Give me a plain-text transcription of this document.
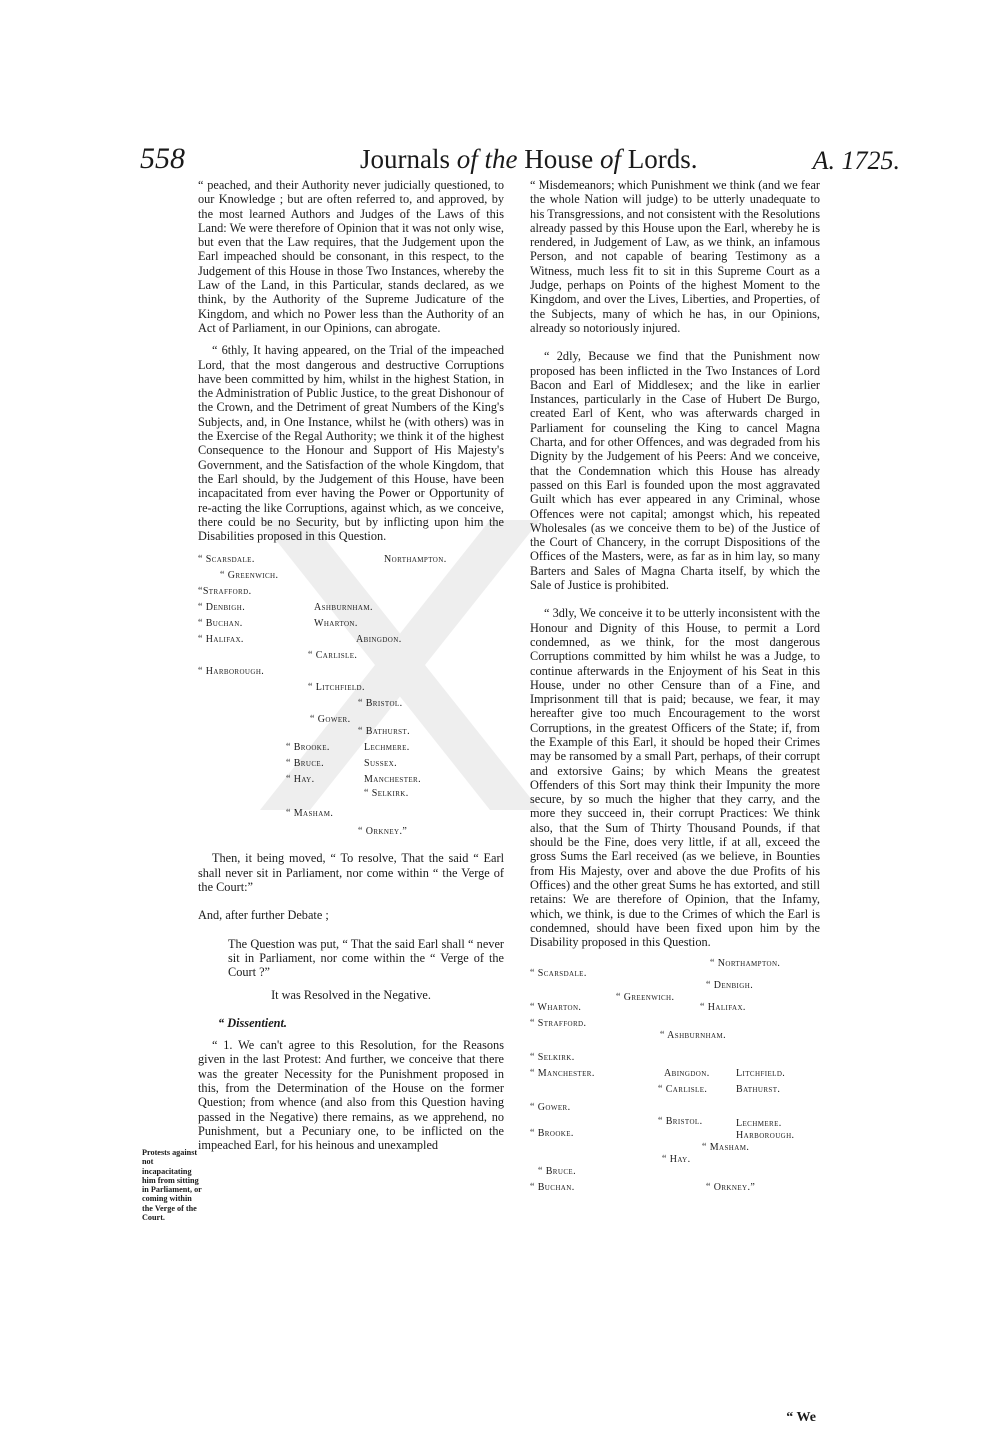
558	Journals of the House of Lords.	A. 1725.

“ peached, and their Authority never judicially questioned, to our Knowledge ; but are often referred to, and approved, by the most learned Authors and Judges of the Laws of this Land: We were therefore of Opinion that it was not only wise, but even that the Law requires, that the Judgement upon the Earl impeached should be consonant, in this respect, to the Judgement of this House in those Two Instances, whereby the Law of the Land, in this Particular, stands declared, as we think, by the Authority of the Supreme Judicature of the Kingdom, and which no Power less than the Authority of an Act of Parliament, in our Opinions, can abrogate.

“ 6thly, It having appeared, on the Trial of the impeached Lord, that the most dangerous and destructive Corruptions have been committed by him, whilst in the highest Station, in the Administration of Public Justice, to the great Dishonour of the Crown, and the Detriment of great Numbers of the King's Subjects, and, in One Instance, whilst he (with others) was in the Exercise of the Regal Authority; we think it of the highest Consequence to the Honour and Support of His Majesty's Government, and the Satisfaction of the whole Kingdom, that the Earl should, by the Judgement of this House, have been incapacitated from ever having the Power or Opportunity of re-acting the like Corruptions, against which, as we conceive, there could be no Security, but by inflicting upon him the Disabilities proposed in this Question.

“ Scarsdale.	Northampton.
“ Greenwich.
“Strafford.
“ Denbigh.	Ashburnham.
“ Buchan.	Wharton.
“ Halifax.	Abingdon.
“ Carlisle.
“ Harborough.
“ Litchfield.
“ Bristol.
“ Gower.
“ Bathurst.
“ Brooke.	Lechmere.
“ Bruce.	Sussex.
“ Hay.	Manchester.
“ Selkirk.
“ Masham.
“ Orkney.”

Then, it being moved, “ To resolve, That the said “ Earl shall never sit in Parliament, nor come within “ the Verge of the Court:”

And, after further Debate ;

The Question was put, “ That the said Earl shall “ never sit in Parliament, nor come within the “ Verge of the Court ?”

It was Resolved in the Negative.

“ Dissentient.

“ 1. We can't agree to this Resolution, for the Reasons given in the last Protest: And further, we conceive that there was the greater Necessity for the Punishment proposed in this, from the Determination of the House on the former Question; from whence (and also from this Question having passed in the Negative) there remains, as we apprehend, no Punishment, but a Pecuniary one, to be inflicted on the impeached Earl, for his heinous and unexampled

Protests against not incapacitating him from sitting in Parliament, or coming within the Verge of the Court.

“ Misdemeanors; which Punishment we think (and we fear the whole Nation will judge) to be utterly unadequate to his Transgressions, and not consistent with the Resolutions already passed by this House upon the Earl, whereby he is rendered, in Judgement of Law, as we think, an infamous Person, and not capable of bearing Testimony as a Witness, much less fit to sit in this Supreme Court as a Judge, perhaps on Points of the highest Moment to the Kingdom, and over the Lives, Liberties, and Properties, of the Subjects, many of which he has, in our Opinions, already so notoriously injured.

“ 2dly, Because we find that the Punishment now proposed has been inflicted in the Two Instances of Lord Bacon and Earl of Middlesex; and the like in earlier Instances, particularly in the Case of Hubert De Burgo, created Earl of Kent, who was afterwards charged in Parliament for counseling the King to cancel Magna Charta, and for other Offences, and was degraded from his Dignity by the Judgement of his Peers: And we conceive, that the Condemnation which this House has already passed on this Earl is founded upon the most aggravated Guilt which has ever appeared in any Criminal, whose Offences were not capital; amongst which, his repeated Wholesales (as we conceive them to be) of the Justice of the Court of Chancery, in the corrupt Dispositions of the Offices of the Masters, were, as far as in him lay, so many Barters and Sales of Magna Charta itself, by which the Sale of Justice is prohibited.

“ 3dly, We conceive it to be utterly inconsistent with the Honour and Dignity of this House, to permit a Lord condemned, as we think, for the most dangerous Corruptions committed by him whilst he was a Judge, to continue afterwards in the Enjoyment of his Seat in this House, under no other Censure than of a Fine, and Imprisonment till that is paid; because, we fear, it may hereafter give too much Encouragement to the worst Corruptions, in the greatest Officers of the State; if, from the Example of this Earl, it should be hoped their Crimes may be ransomed by a small Part, perhaps, of their corrupt and extorsive Gains; by which Means the greatest Offenders of this Sort may think their Impunity the more secure, by so much the higher that they carry, and the more they succeed in, their corrupt Practices: We think also, that the Sum of Thirty Thousand Pounds, if that should be the Fine, does very little, if at all, exceed the gross Sums the Earl received (as we believe, in Bounties from His Majesty, over and above the due Profits of his Offices) and the other great Sums he has extorted, and still retains: We are therefore of Opinion, that the Infamy, which, we think, is due to the Crimes of which the Earl is condemned, should have been fixed upon him by the Disability proposed in this Question.

“ Northampton.
“ Scarsdale.
“ Denbigh.
“ Greenwich.
“ Wharton.	“ Halifax.
“ Strafford.
“ Ashburnham.
“ Selkirk.
“ Manchester.	Abingdon.	Litchfield.
“ Carlisle.	Bathurst.
“ Gower.
“ Bristol.	Lechmere.
Harborough.
“ Brooke.
“ Masham.
“ Hay.
“ Bruce.
“ Buchan.	“ Orkney.”
“ We
